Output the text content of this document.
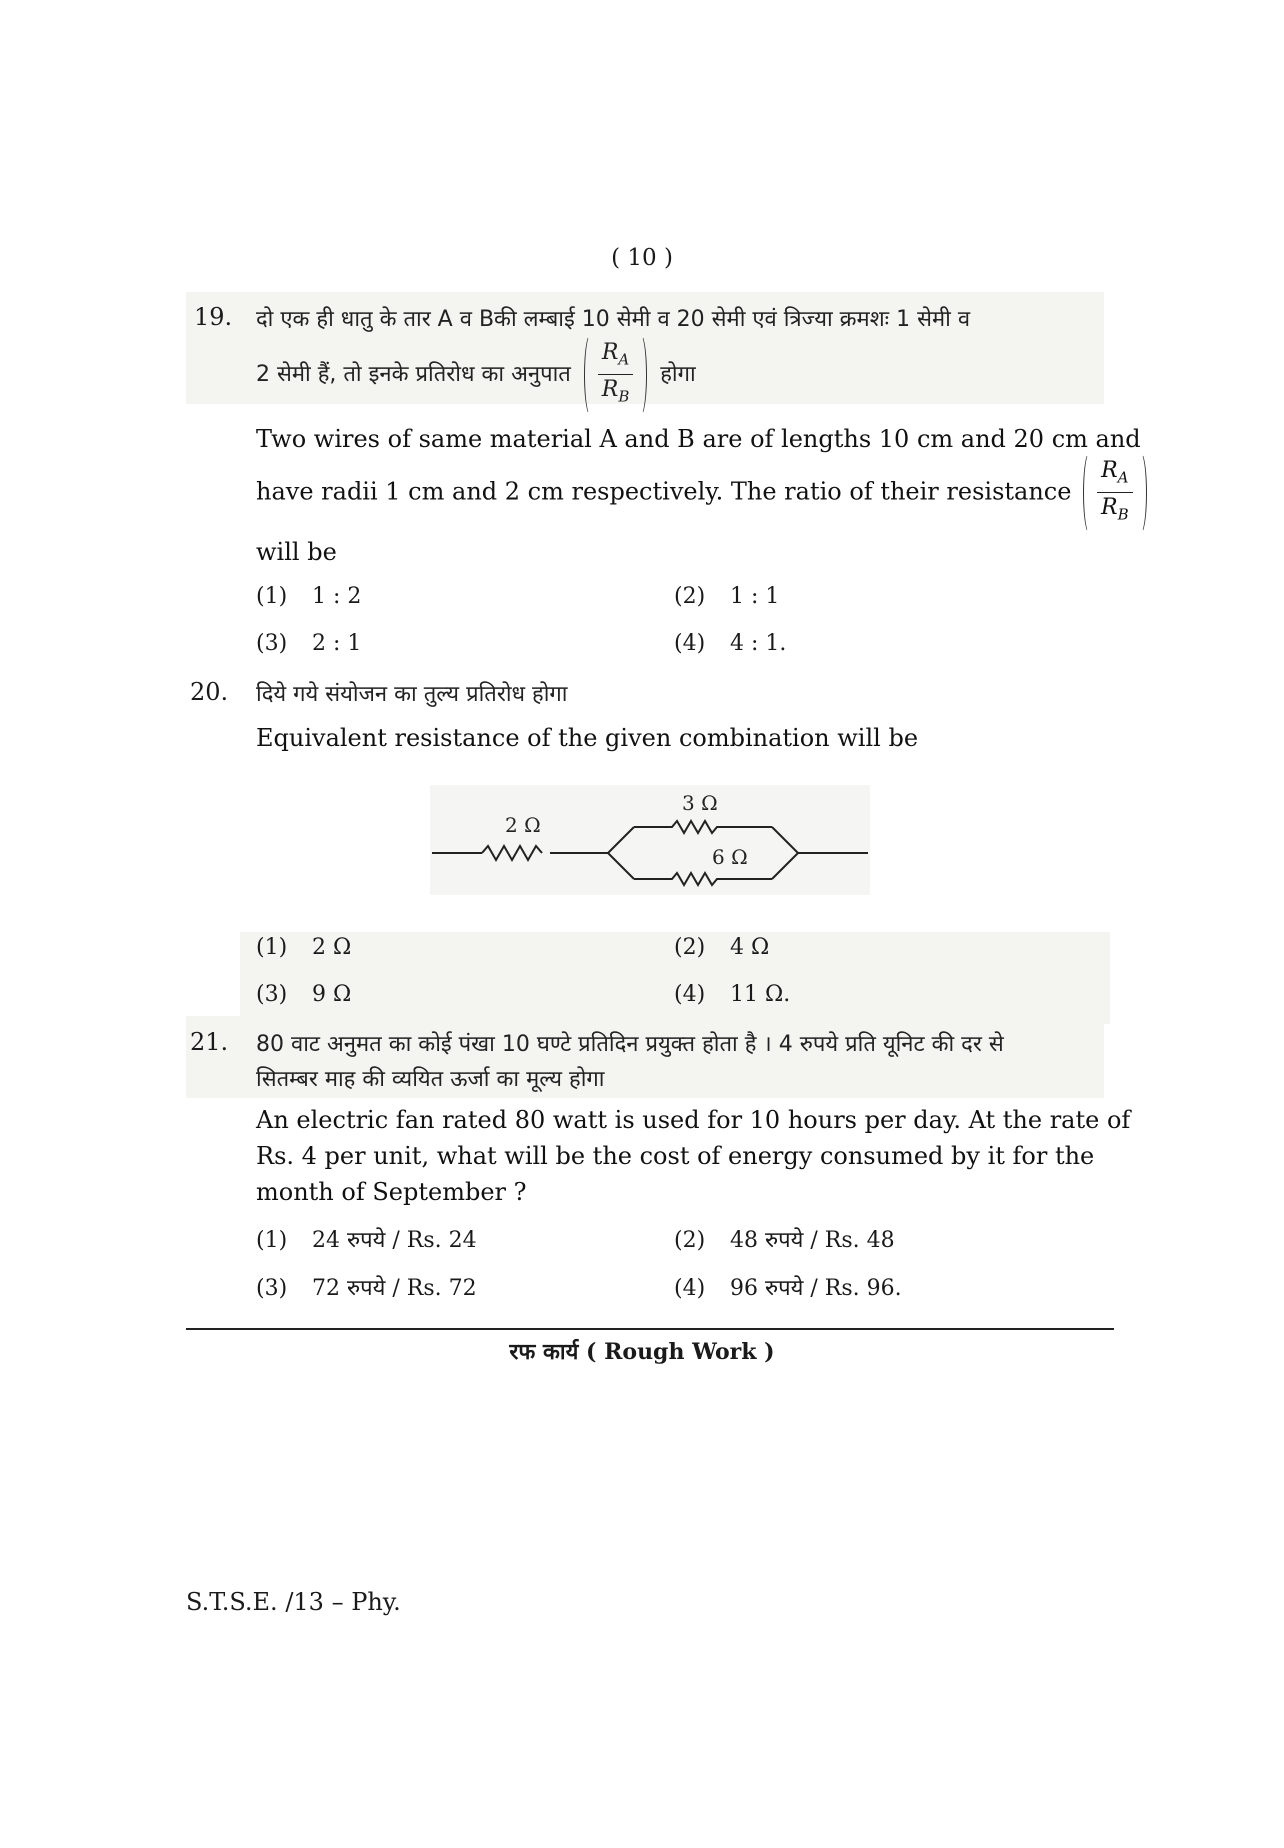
( 10 )
19. दो एक ही धातु के तार A व Bकी लम्बाई 10 सेमी व 20 सेमी एवं त्रिज्या क्रमशः 1 सेमी व
2 सेमी हैं, तो इनके प्रतिरोध का अनुपात $\frac{R_A}{R_B}$ होगा
Two wires of same material A and B are of lengths 10 cm and 20 cm and
have radii 1 cm and 2 cm respectively. The ratio of their resistance $\frac{R_A}{R_B}$
will be
(1) 1 : 2	(2) 1 : 1
(3) 2 : 1	(4) 4 : 1.
20. दिये गये संयोजन का तुल्य प्रतिरोध होगा
Equivalent resistance of the given combination will be
2 Ω
3 Ω
6 Ω
(1) 2 Ω	(2) 4 Ω
(3) 9 Ω	(4) 11 Ω.
21. 80 वाट अनुमत का कोई पंखा 10 घण्टे प्रतिदिन प्रयुक्त होता है । 4 रुपये प्रति यूनिट की दर से
सितम्बर माह की व्ययित ऊर्जा का मूल्य होगा
An electric fan rated 80 watt is used for 10 hours per day. At the rate of
Rs. 4 per unit, what will be the cost of energy consumed by it for the
month of September ?
(1) 24 रुपये / Rs. 24	(2) 48 रुपये / Rs. 48
(3) 72 रुपये / Rs. 72	(4) 96 रुपये / Rs. 96.
रफ कार्य ( Rough Work )
S.T.S.E. /13 – Phy.
